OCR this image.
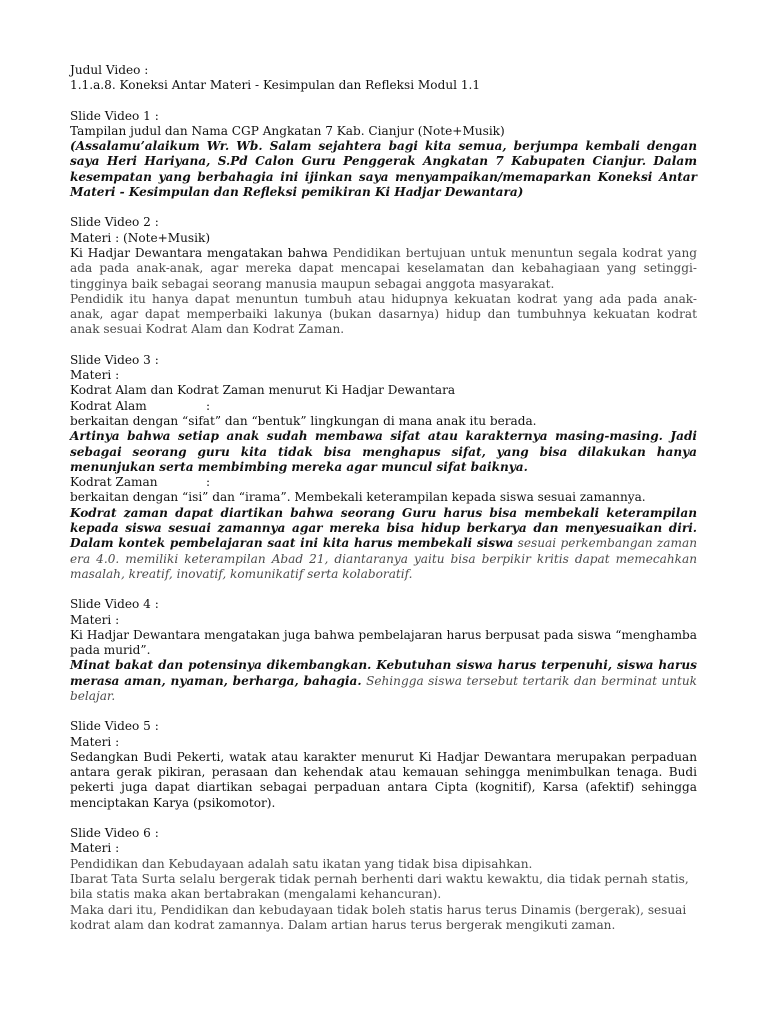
Judul Video :
1.1.a.8. Koneksi Antar Materi - Kesimpulan dan Refleksi Modul 1.1
Slide Video 1 :
Tampilan judul dan Nama CGP Angkatan 7 Kab. Cianjur (Note+Musik)
(Assalamu’alaikum Wr. Wb. Salam sejahtera bagi kita semua, berjumpa kembali dengan saya Heri Hariyana, S.Pd Calon Guru Penggerak Angkatan 7 Kabupaten Cianjur. Dalam kesempatan yang berbahagia ini ijinkan saya menyampaikan/memaparkan Koneksi Antar Materi - Kesimpulan dan Refleksi pemikiran Ki Hadjar Dewantara)
Slide Video 2 :
Materi : (Note+Musik)
Ki Hadjar Dewantara mengatakan bahwa Pendidikan bertujuan untuk menuntun segala kodrat yang ada pada anak-anak, agar mereka dapat mencapai keselamatan dan kebahagiaan yang setinggi-tingginya baik sebagai seorang manusia maupun sebagai anggota masyarakat.
Pendidik itu hanya dapat menuntun tumbuh atau hidupnya kekuatan kodrat yang ada pada anak-anak, agar dapat memperbaiki lakunya (bukan dasarnya) hidup dan tumbuhnya kekuatan kodrat anak sesuai Kodrat Alam dan Kodrat Zaman.
Slide Video 3 :
Materi :
Kodrat Alam dan Kodrat Zaman menurut Ki Hadjar Dewantara
Kodrat Alam	:
berkaitan dengan “sifat” dan “bentuk” lingkungan di mana anak itu berada.
Artinya bahwa setiap anak sudah membawa sifat atau karakternya masing-masing. Jadi sebagai seorang guru kita tidak bisa menghapus sifat, yang bisa dilakukan hanya menunjukan serta membimbing mereka agar muncul sifat baiknya.
Kodrat Zaman	:
berkaitan dengan “isi” dan “irama”. Membekali keterampilan kepada siswa sesuai zamannya.
Kodrat zaman dapat diartikan bahwa seorang Guru harus bisa membekali keterampilan kepada siswa sesuai zamannya agar mereka bisa hidup berkarya dan menyesuaikan diri. Dalam kontek pembelajaran saat ini kita harus membekali siswa sesuai perkembangan zaman era 4.0. memiliki keterampilan Abad 21, diantaranya yaitu bisa berpikir kritis dapat memecahkan masalah, kreatif, inovatif, komunikatif serta kolaboratif.
Slide Video 4 :
Materi :
Ki Hadjar Dewantara mengatakan juga bahwa pembelajaran harus berpusat pada siswa “menghamba pada murid”.
Minat bakat dan potensinya dikembangkan. Kebutuhan siswa harus terpenuhi, siswa harus merasa aman, nyaman, berharga, bahagia. Sehingga siswa tersebut tertarik dan berminat untuk belajar.
Slide Video 5 :
Materi :
Sedangkan Budi Pekerti, watak atau karakter menurut Ki Hadjar Dewantara merupakan perpaduan antara gerak pikiran, perasaan dan kehendak atau kemauan sehingga menimbulkan tenaga. Budi pekerti juga dapat diartikan sebagai perpaduan antara Cipta (kognitif), Karsa (afektif) sehingga menciptakan Karya (psikomotor).
Slide Video 6 :
Materi :
Pendidikan dan Kebudayaan adalah satu ikatan yang tidak bisa dipisahkan.
Ibarat Tata Surta selalu bergerak tidak pernah berhenti dari waktu kewaktu, dia tidak pernah statis, bila statis maka akan bertabrakan (mengalami kehancuran).
Maka dari itu, Pendidikan dan kebudayaan tidak boleh statis harus terus Dinamis (bergerak), sesuai kodrat alam dan kodrat zamannya. Dalam artian harus terus bergerak mengikuti zaman.
